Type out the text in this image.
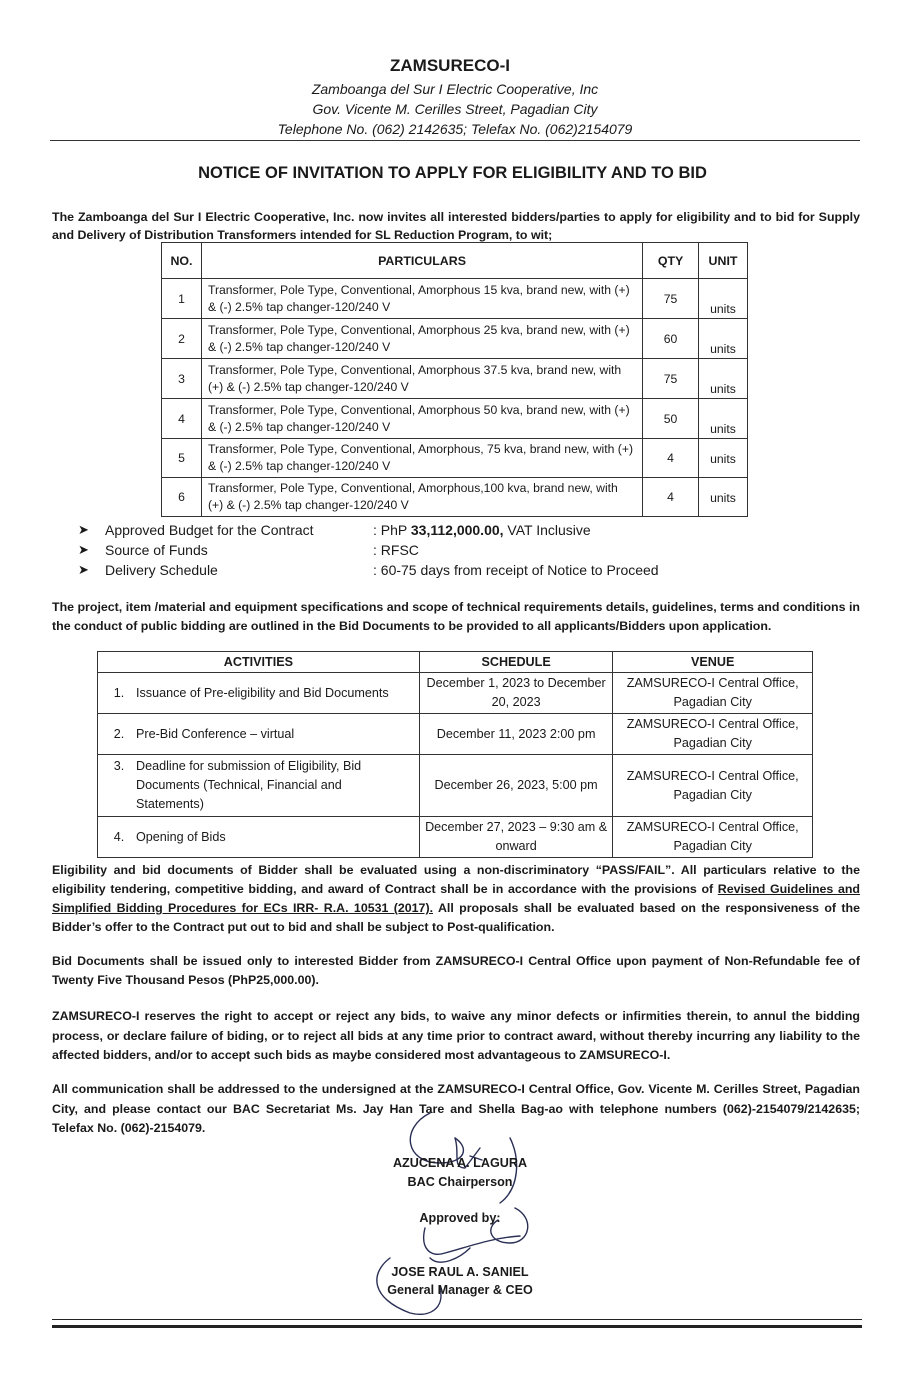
ZAMSURECO-I
Zamboanga del Sur I Electric Cooperative, Inc
Gov. Vicente M. Cerilles Street, Pagadian City
Telephone No. (062) 2142635; Telefax No. (062)2154079
NOTICE OF INVITATION TO APPLY FOR ELIGIBILITY AND TO BID
The Zamboanga del Sur I Electric Cooperative, Inc. now invites all interested bidders/parties to apply for eligibility and to bid for Supply and Delivery of Distribution Transformers intended for SL Reduction Program, to wit;
NO.	PARTICULARS	QTY	UNIT
1	Transformer, Pole Type, Conventional, Amorphous 15 kva, brand new, with (+) & (-) 2.5% tap changer-120/240 V	75	units
2	Transformer, Pole Type, Conventional, Amorphous 25 kva, brand new, with (+) & (-) 2.5% tap changer-120/240 V	60	units
3	Transformer, Pole Type, Conventional, Amorphous 37.5 kva, brand new, with (+) & (-) 2.5% tap changer-120/240 V	75	units
4	Transformer, Pole Type, Conventional, Amorphous 50 kva, brand new, with (+) & (-) 2.5% tap changer-120/240 V	50	units
5	Transformer, Pole Type, Conventional, Amorphous, 75 kva, brand new, with (+) & (-) 2.5% tap changer-120/240 V	4	units
6	Transformer, Pole Type, Conventional, Amorphous,100 kva, brand new, with (+) & (-) 2.5% tap changer-120/240 V	4	units
➤ Approved Budget for the Contract	: PhP 33,112,000.00, VAT Inclusive
➤ Source of Funds	: RFSC
➤ Delivery Schedule	: 60-75 days from receipt of Notice to Proceed
The project, item /material and equipment specifications and scope of technical requirements details, guidelines, terms and conditions in the conduct of public bidding are outlined in the Bid Documents to be provided to all applicants/Bidders upon application.
ACTIVITIES	SCHEDULE	VENUE
1. Issuance of Pre-eligibility and Bid Documents	December 1, 2023 to December 20, 2023	ZAMSURECO-I Central Office, Pagadian City
2. Pre-Bid Conference – virtual	December 11, 2023 2:00 pm	ZAMSURECO-I Central Office, Pagadian City
3. Deadline for submission of Eligibility, Bid Documents (Technical, Financial and Statements)	December 26, 2023, 5:00 pm	ZAMSURECO-I Central Office, Pagadian City
4. Opening of Bids	December 27, 2023 – 9:30 am & onward	ZAMSURECO-I Central Office, Pagadian City
Eligibility and bid documents of Bidder shall be evaluated using a non-discriminatory “PASS/FAIL”. All particulars relative to the eligibility tendering, competitive bidding, and award of Contract shall be in accordance with the provisions of Revised Guidelines and Simplified Bidding Procedures for ECs IRR- R.A. 10531 (2017). All proposals shall be evaluated based on the responsiveness of the Bidder’s offer to the Contract put out to bid and shall be subject to Post-qualification.
Bid Documents shall be issued only to interested Bidder from ZAMSURECO-I Central Office upon payment of Non-Refundable fee of Twenty Five Thousand Pesos (PhP25,000.00).
ZAMSURECO-I reserves the right to accept or reject any bids, to waive any minor defects or infirmities therein, to annul the bidding process, or declare failure of biding, or to reject all bids at any time prior to contract award, without thereby incurring any liability to the affected bidders, and/or to accept such bids as maybe considered most advantageous to ZAMSURECO-I.
All communication shall be addressed to the undersigned at the ZAMSURECO-I Central Office, Gov. Vicente M. Cerilles Street, Pagadian City, and please contact our BAC Secretariat Ms. Jay Han Tare and Shella Bag-ao with telephone numbers (062)-2154079/2142635; Telefax No. (062)-2154079.
AZUCENA A. LAGURA
BAC Chairperson
Approved by:
JOSE RAUL A. SANIEL
General Manager & CEO
